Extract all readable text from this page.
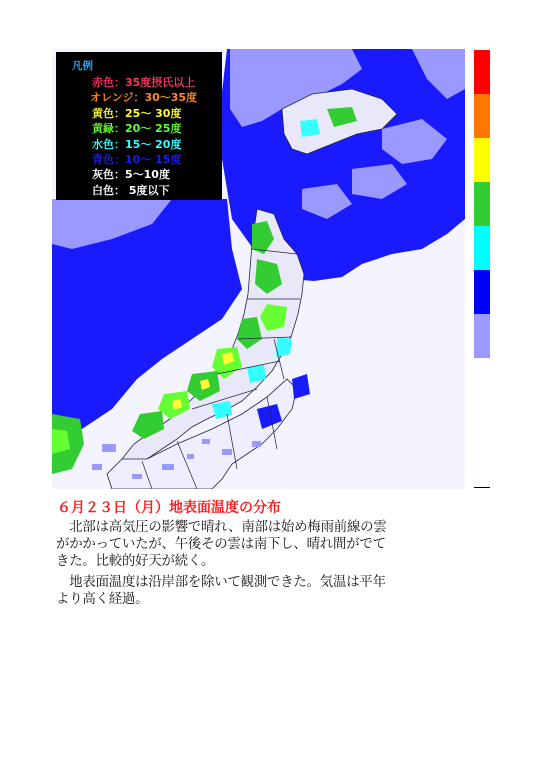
凡例
赤色：35度摂氏以上
オレンジ：30～35度
黄色：25～ 30度
黄緑：20～ 25度
水色：15～ 20度
青色：10～ 15度
灰色：5～10度
白色： 5度以下
６月２３日（月）地表面温度の分布
　北部は高気圧の影響で晴れ、南部は始め梅雨前線の雲
がかかっていたが、午後その雲は南下し、晴れ間がでて
きた。比較的好天が続く。
　地表面温度は沿岸部を除いて観測できた。気温は平年
より高く経過。
